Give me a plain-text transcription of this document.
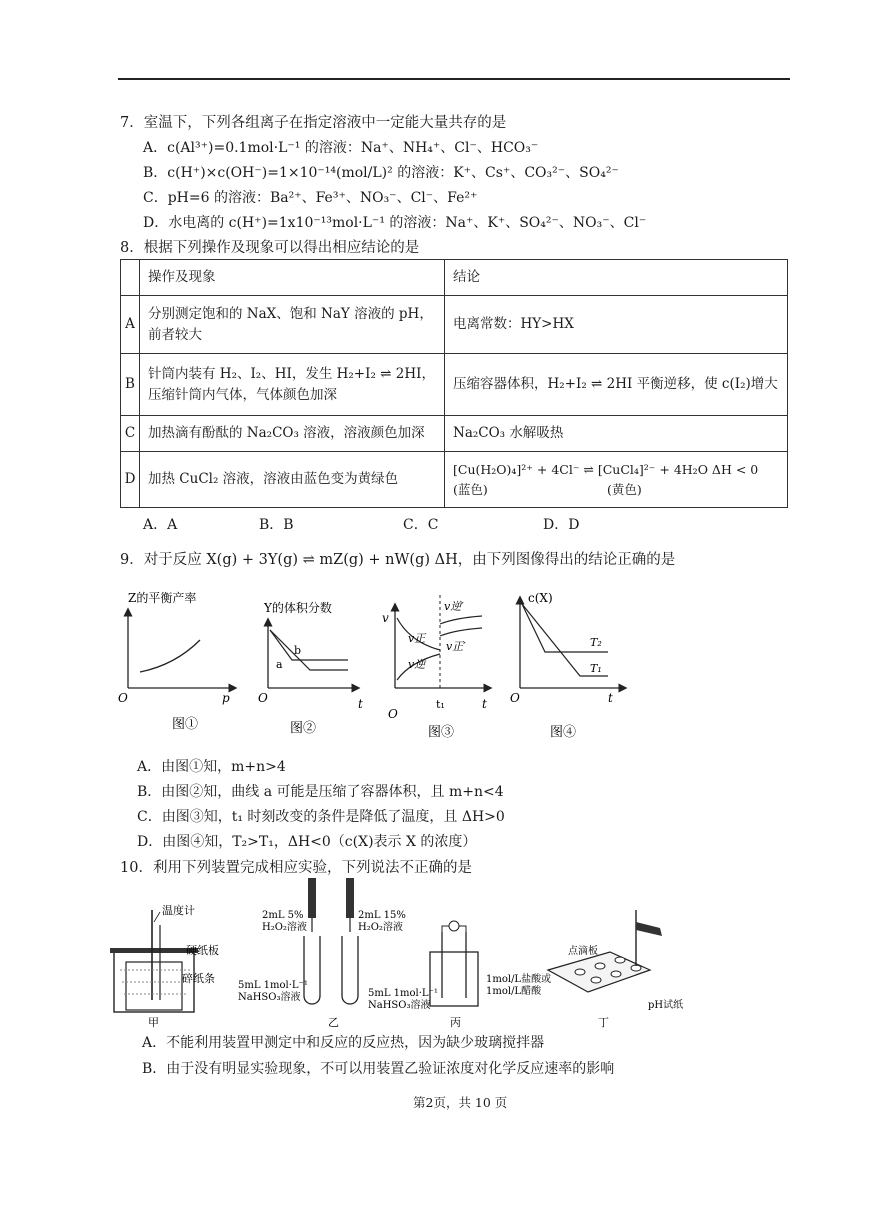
7．室温下，下列各组离子在指定溶液中一定能大量共存的是
A．c(Al³⁺)=0.1mol·L⁻¹ 的溶液：Na⁺、NH₄⁺、Cl⁻、HCO₃⁻
B．c(H⁺)×c(OH⁻)=1×10⁻¹⁴(mol/L)² 的溶液：K⁺、Cs⁺、CO₃²⁻、SO₄²⁻
C．pH=6 的溶液：Ba²⁺、Fe³⁺、NO₃⁻、Cl⁻、Fe²⁺
D．水电离的 c(H⁺)=1x10⁻¹³mol·L⁻¹ 的溶液：Na⁺、K⁺、SO₄²⁻、NO₃⁻、Cl⁻
8．根据下列操作及现象可以得出相应结论的是
	操作及现象	结论
A	分别测定饱和的 NaX、饱和 NaY 溶液的 pH，前者较大	电离常数：HY>HX
B	针筒内装有 H₂、I₂、HI，发生 H₂+I₂ ⇌ 2HI，压缩针筒内气体，气体颜色加深	压缩容器体积，H₂+I₂ ⇌ 2HI 平衡逆移，使 c(I₂)增大
C	加热滴有酚酞的 Na₂CO₃ 溶液，溶液颜色加深	Na₂CO₃ 水解吸热
D	加热 CuCl₂ 溶液，溶液由蓝色变为黄绿色	[Cu(H₂O)₄]²⁺ + 4Cl⁻ ⇌ [CuCl₄]²⁻ + 4H₂O ΔH < 0
(蓝色)                              (黄色)
A．A	B．B	C．C	D．D
9．对于反应 X(g) + 3Y(g) ⇌ mZ(g) + nW(g) ΔH，由下列图像得出的结论正确的是
Z的平衡产率
p
O
图①
Y的体积分数
t
O
a
b
图②
v
t
O
t₁
v正
v逆
v逆′
v正′
图③
c(X)
t
O
T₂
T₁
图④
A．由图①知，m+n>4
B．由图②知，曲线 a 可能是压缩了容器体积，且 m+n<4
C．由图③知，t₁ 时刻改变的条件是降低了温度，且 ΔH>0
D．由图④知，T₂>T₁，ΔH<0（c(X)表示 X 的浓度）
10．利用下列装置完成相应实验，下列说法不正确的是
温度计
硬纸板
碎纸条
甲
2mL 5%
H₂O₂溶液
2mL 15%
H₂O₂溶液
5mL 1mol·L⁻¹
NaHSO₃溶液	5mL 1mol·L⁻¹
NaHSO₃溶液
乙
1mol/L盐酸或
1mol/L醋酸
丙
点滴板
pH试纸
丁
A．不能利用装置甲测定中和反应的反应热，因为缺少玻璃搅拌器
B．由于没有明显实验现象，不可以用装置乙验证浓度对化学反应速率的影响
第2页，共 10 页
